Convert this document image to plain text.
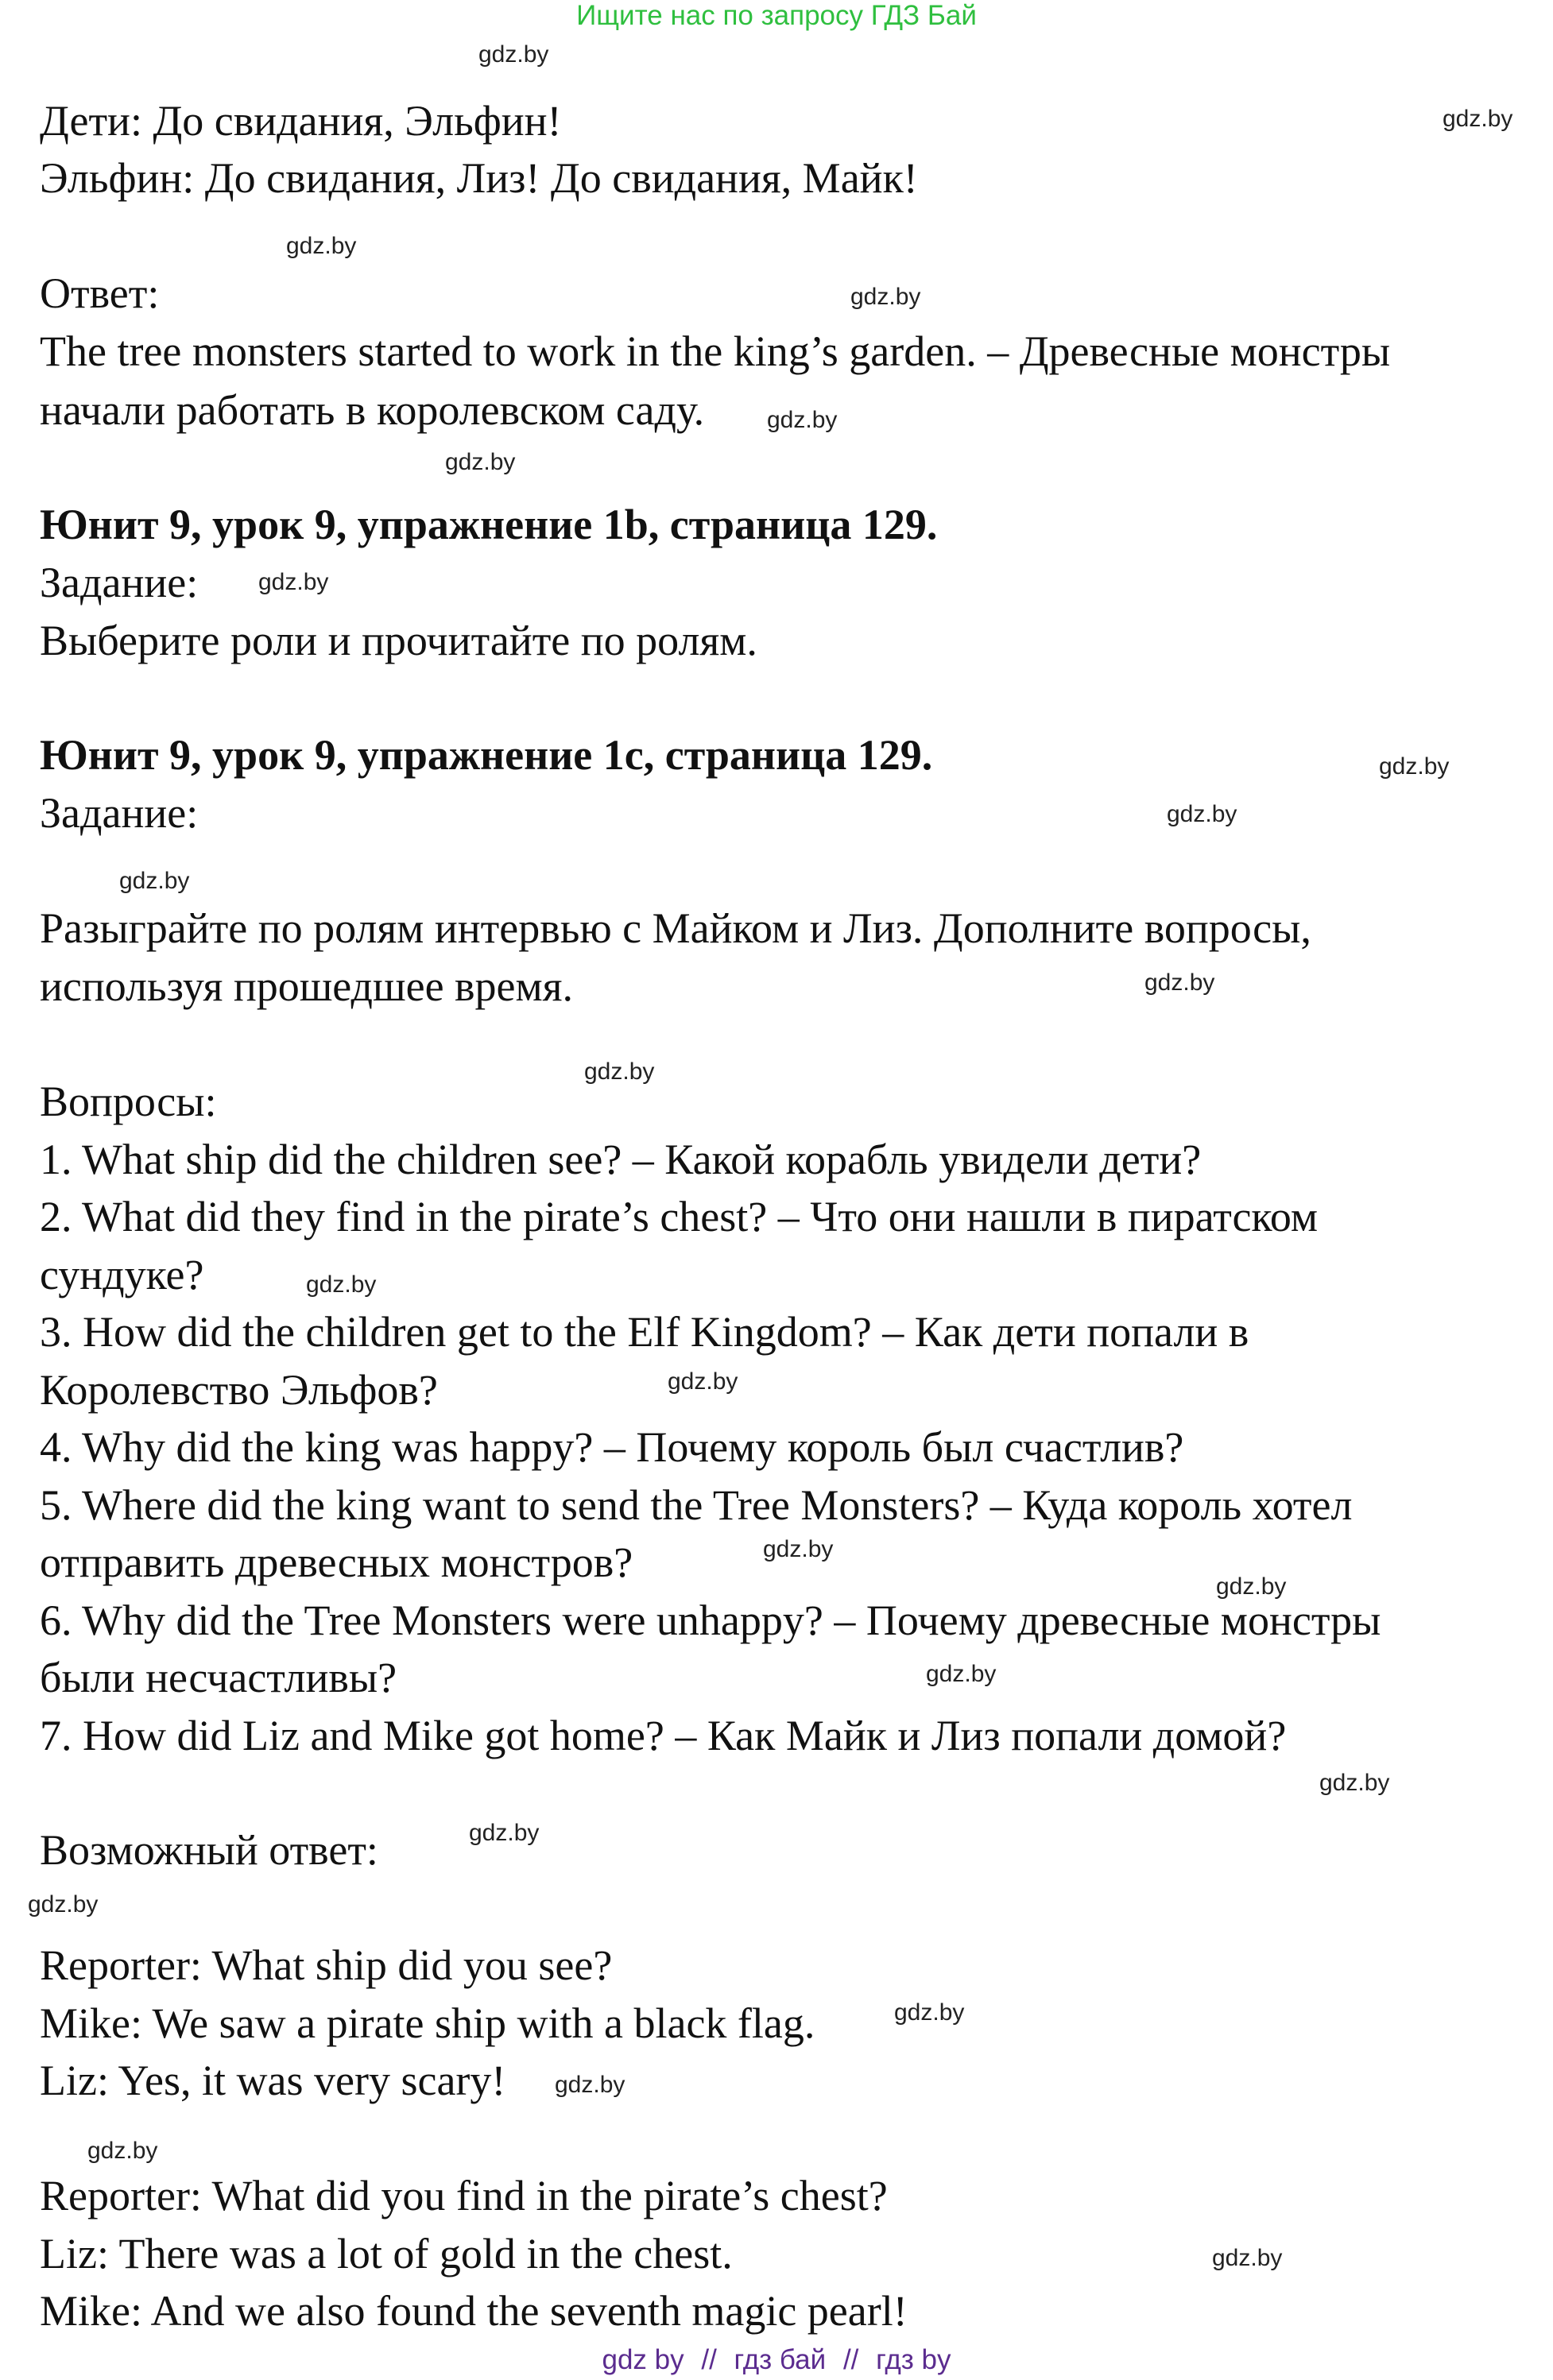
Ищите нас по запросу ГДЗ Бай
gdz.by
gdz.by
gdz.by
gdz.by
gdz.by
gdz.by
gdz.by
gdz.by
gdz.by
gdz.by
gdz.by
gdz.by
gdz.by
gdz.by
gdz.by
gdz.by
gdz.by
gdz.by
gdz.by
gdz.by
gdz.by
gdz.by
gdz.by
gdz.by
Дети: До свидания, Эльфин!
Эльфин: До свидания, Лиз! До свидания, Майк!
Ответ:
The tree monsters started to work in the king’s garden. – Древесные монстры
начали работать в королевском саду.
Юнит 9, урок 9, упражнение 1b, страница 129.
Задание:
Выберите роли и прочитайте по ролям.
Юнит 9, урок 9, упражнение 1c, страница 129.
Задание:
Разыграйте по ролям интервью с Майком и Лиз. Дополните вопросы,
используя прошедшее время.
Вопросы:
1. What ship did the children see? – Какой корабль увидели дети?
2. What did they find in the pirate’s chest? – Что они нашли в пиратском
сундуке?
3. How did the children get to the Elf Kingdom? – Как дети попали в
Королевство Эльфов?
4. Why did the king was happy? – Почему король был счастлив?
5. Where did the king want to send the Tree Monsters? – Куда король хотел
отправить древесных монстров?
6. Why did the Tree Monsters were unhappy? – Почему древесные монстры
были несчастливы?
7. How did Liz and Mike got home? – Как Майк и Лиз попали домой?
Возможный ответ:
Reporter: What ship did you see?
Mike: We saw a pirate ship with a black flag.
Liz: Yes, it was very scary!
Reporter: What did you find in the pirate’s chest?
Liz: There was a lot of gold in the chest.
Mike: And we also found the seventh magic pearl!
gdz by // гдз бай // гдз by
